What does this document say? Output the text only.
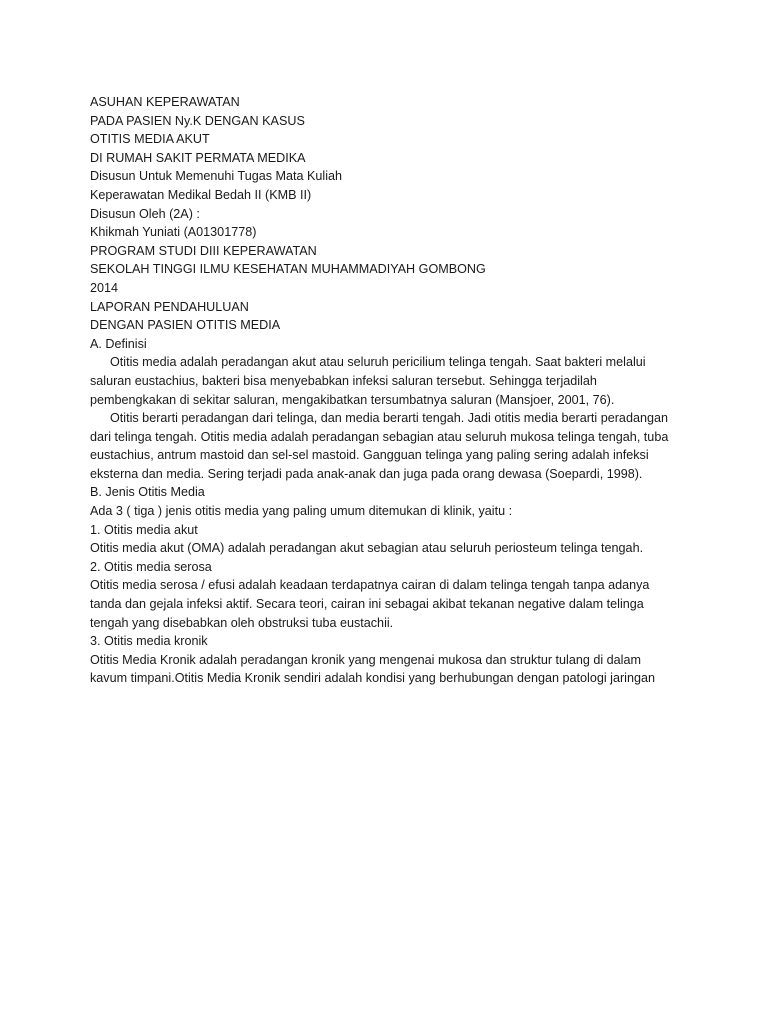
ASUHAN KEPERAWATAN
PADA PASIEN Ny.K DENGAN KASUS
OTITIS MEDIA AKUT
DI RUMAH SAKIT PERMATA MEDIKA
Disusun Untuk Memenuhi Tugas Mata Kuliah
Keperawatan Medikal Bedah II (KMB II)
Disusun Oleh (2A) :
Khikmah Yuniati (A01301778)
PROGRAM STUDI DIII KEPERAWATAN
SEKOLAH TINGGI ILMU KESEHATAN MUHAMMADIYAH GOMBONG
2014
LAPORAN PENDAHULUAN
DENGAN PASIEN OTITIS MEDIA
A. Definisi
Otitis media adalah peradangan akut atau seluruh pericilium telinga tengah. Saat bakteri melalui
saluran eustachius, bakteri bisa menyebabkan infeksi saluran tersebut. Sehingga terjadilah
pembengkakan di sekitar saluran, mengakibatkan tersumbatnya saluran (Mansjoer, 2001, 76).
Otitis berarti peradangan dari telinga, dan media berarti tengah. Jadi otitis media berarti peradangan
dari telinga tengah. Otitis media adalah peradangan sebagian atau seluruh mukosa telinga tengah, tuba
eustachius, antrum mastoid dan sel-sel mastoid. Gangguan telinga yang paling sering adalah infeksi
eksterna dan media. Sering terjadi pada anak-anak dan juga pada orang dewasa (Soepardi, 1998).
B. Jenis Otitis Media
Ada 3 ( tiga ) jenis otitis media yang paling umum ditemukan di klinik, yaitu :
1. Otitis media akut
Otitis media akut (OMA) adalah peradangan akut sebagian atau seluruh periosteum telinga tengah.
2. Otitis media serosa
Otitis media serosa / efusi adalah keadaan terdapatnya cairan di dalam telinga tengah tanpa adanya
tanda dan gejala infeksi aktif. Secara teori, cairan ini sebagai akibat tekanan negative dalam telinga
tengah yang disebabkan oleh obstruksi tuba eustachii.
3. Otitis media kronik
Otitis Media Kronik adalah peradangan kronik yang mengenai mukosa dan struktur tulang di dalam
kavum timpani.Otitis Media Kronik sendiri adalah kondisi yang berhubungan dengan patologi jaringan
